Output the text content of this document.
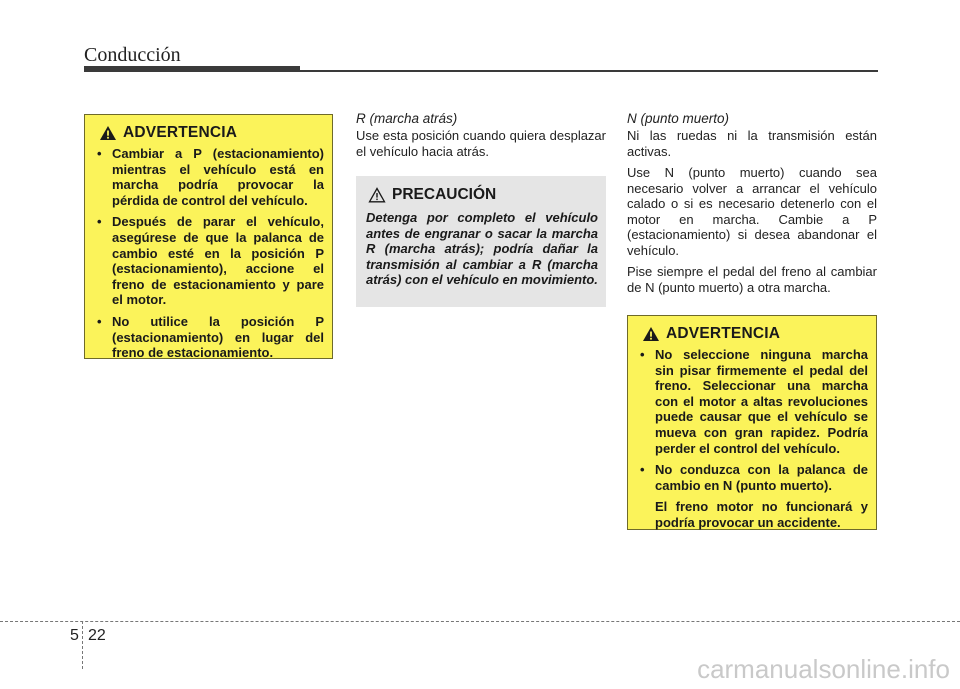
Conducción
ADVERTENCIA
• Cambiar a P (estacionamiento) mientras el vehículo está en marcha podría provocar la pérdida de control del vehículo.
• Después de parar el vehículo, asegúrese de que la palanca de cambio esté en la posición P (estacionamiento), accione el freno de estacionamiento y pare el motor.
• No utilice la posición P (estacionamiento) en lugar del freno de estacionamiento.
R (marcha atrás)

Use esta posición cuando quiera desplazar el vehículo hacia atrás.

PRECAUCIÓN
Detenga por completo el vehículo antes de engranar o sacar la marcha R (marcha atrás); podría dañar la transmisión al cambiar a R (marcha atrás) con el vehículo en movimiento.
N (punto muerto)

Ni las ruedas ni la transmisión están activas.

Use N (punto muerto) cuando sea necesario volver a arrancar el vehículo calado o si es necesario detenerlo con el motor en marcha. Cambie a P (estacionamiento) si desea abandonar el vehículo.

Pise siempre el pedal del freno al cambiar de N (punto muerto) a otra marcha.

ADVERTENCIA
• No seleccione ninguna marcha sin pisar firmemente el pedal del freno. Seleccionar una marcha con el motor a altas revoluciones puede causar que el vehículo se mueva con gran rapidez. Podría perder el control del vehículo.
• No conduzca con la palanca de cambio en N (punto muerto).
El freno motor no funcionará y podría provocar un accidente.
5 22
carmanualsonline.info
